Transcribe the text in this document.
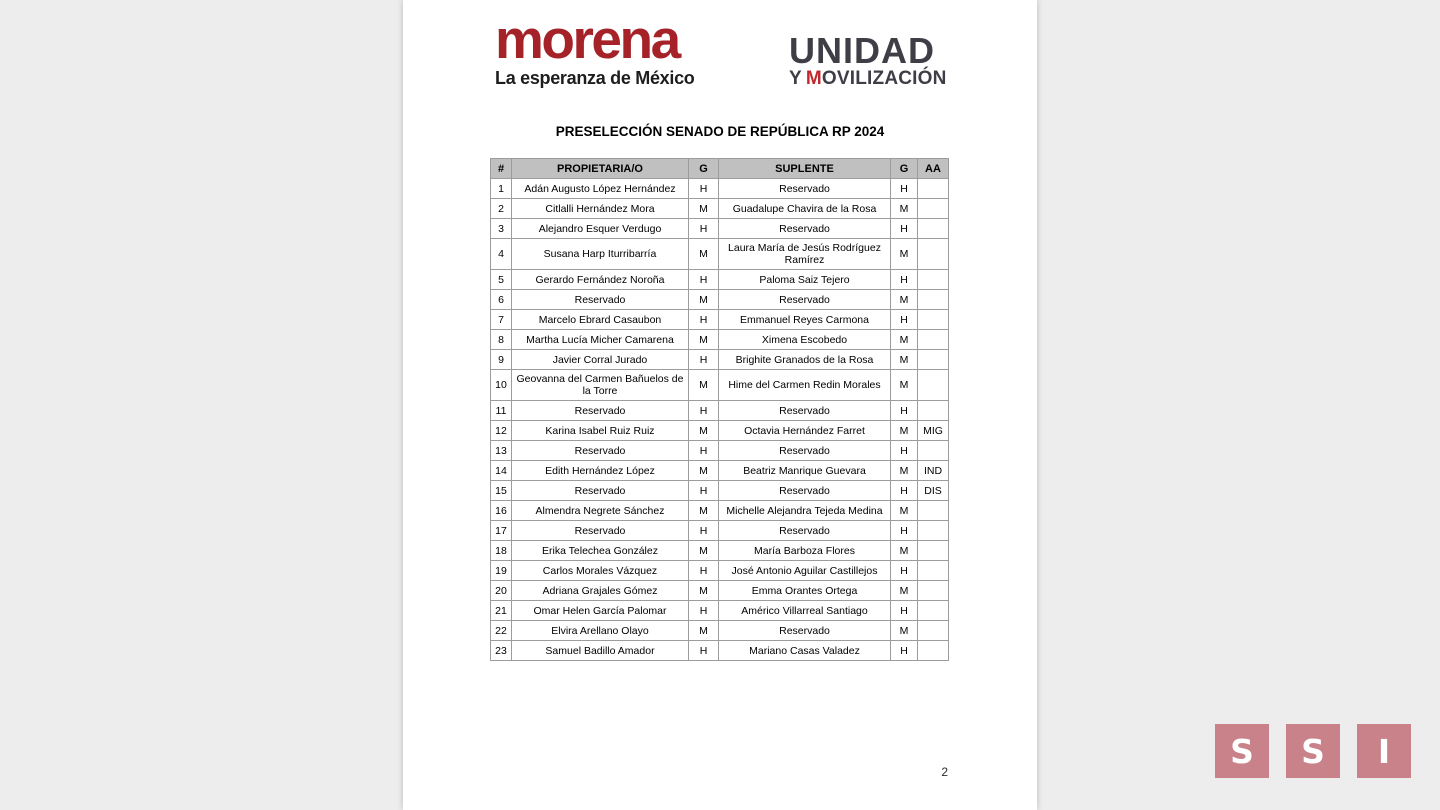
morena
La esperanza de México
UNIDAD
Y MOVILIZACIÓN
PRESELECCIÓN SENADO DE REPÚBLICA RP 2024
#	PROPIETARIA/O	G	SUPLENTE	G	AA
1	Adán Augusto López Hernández	H	Reservado	H	
2	Citlalli Hernández Mora	M	Guadalupe Chavira de la Rosa	M	
3	Alejandro Esquer Verdugo	H	Reservado	H	
4	Susana Harp Iturribarría	M	Laura María de Jesús Rodríguez Ramírez	M	
5	Gerardo Fernández Noroña	H	Paloma Saiz Tejero	H	
6	Reservado	M	Reservado	M	
7	Marcelo Ebrard Casaubon	H	Emmanuel Reyes Carmona	H	
8	Martha Lucía Micher Camarena	M	Ximena Escobedo	M	
9	Javier Corral Jurado	H	Brighite Granados de la Rosa	M	
10	Geovanna del Carmen Bañuelos de la Torre	M	Hime del Carmen Redin Morales	M	
11	Reservado	H	Reservado	H	
12	Karina Isabel Ruiz Ruiz	M	Octavia Hernández Farret	M	MIG
13	Reservado	H	Reservado	H	
14	Edith Hernández López	M	Beatriz Manrique Guevara	M	IND
15	Reservado	H	Reservado	H	DIS
16	Almendra Negrete Sánchez	M	Michelle Alejandra Tejeda Medina	M	
17	Reservado	H	Reservado	H	
18	Erika Telechea González	M	María Barboza Flores	M	
19	Carlos Morales Vázquez	H	José Antonio Aguilar Castillejos	H	
20	Adriana Grajales Gómez	M	Emma Orantes Ortega	M	
21	Omar Helen García Palomar	H	Américo Villarreal Santiago	H	
22	Elvira Arellano Olayo	M	Reservado	M	
23	Samuel Badillo Amador	H	Mariano Casas Valadez	H	
2
S	S	I
